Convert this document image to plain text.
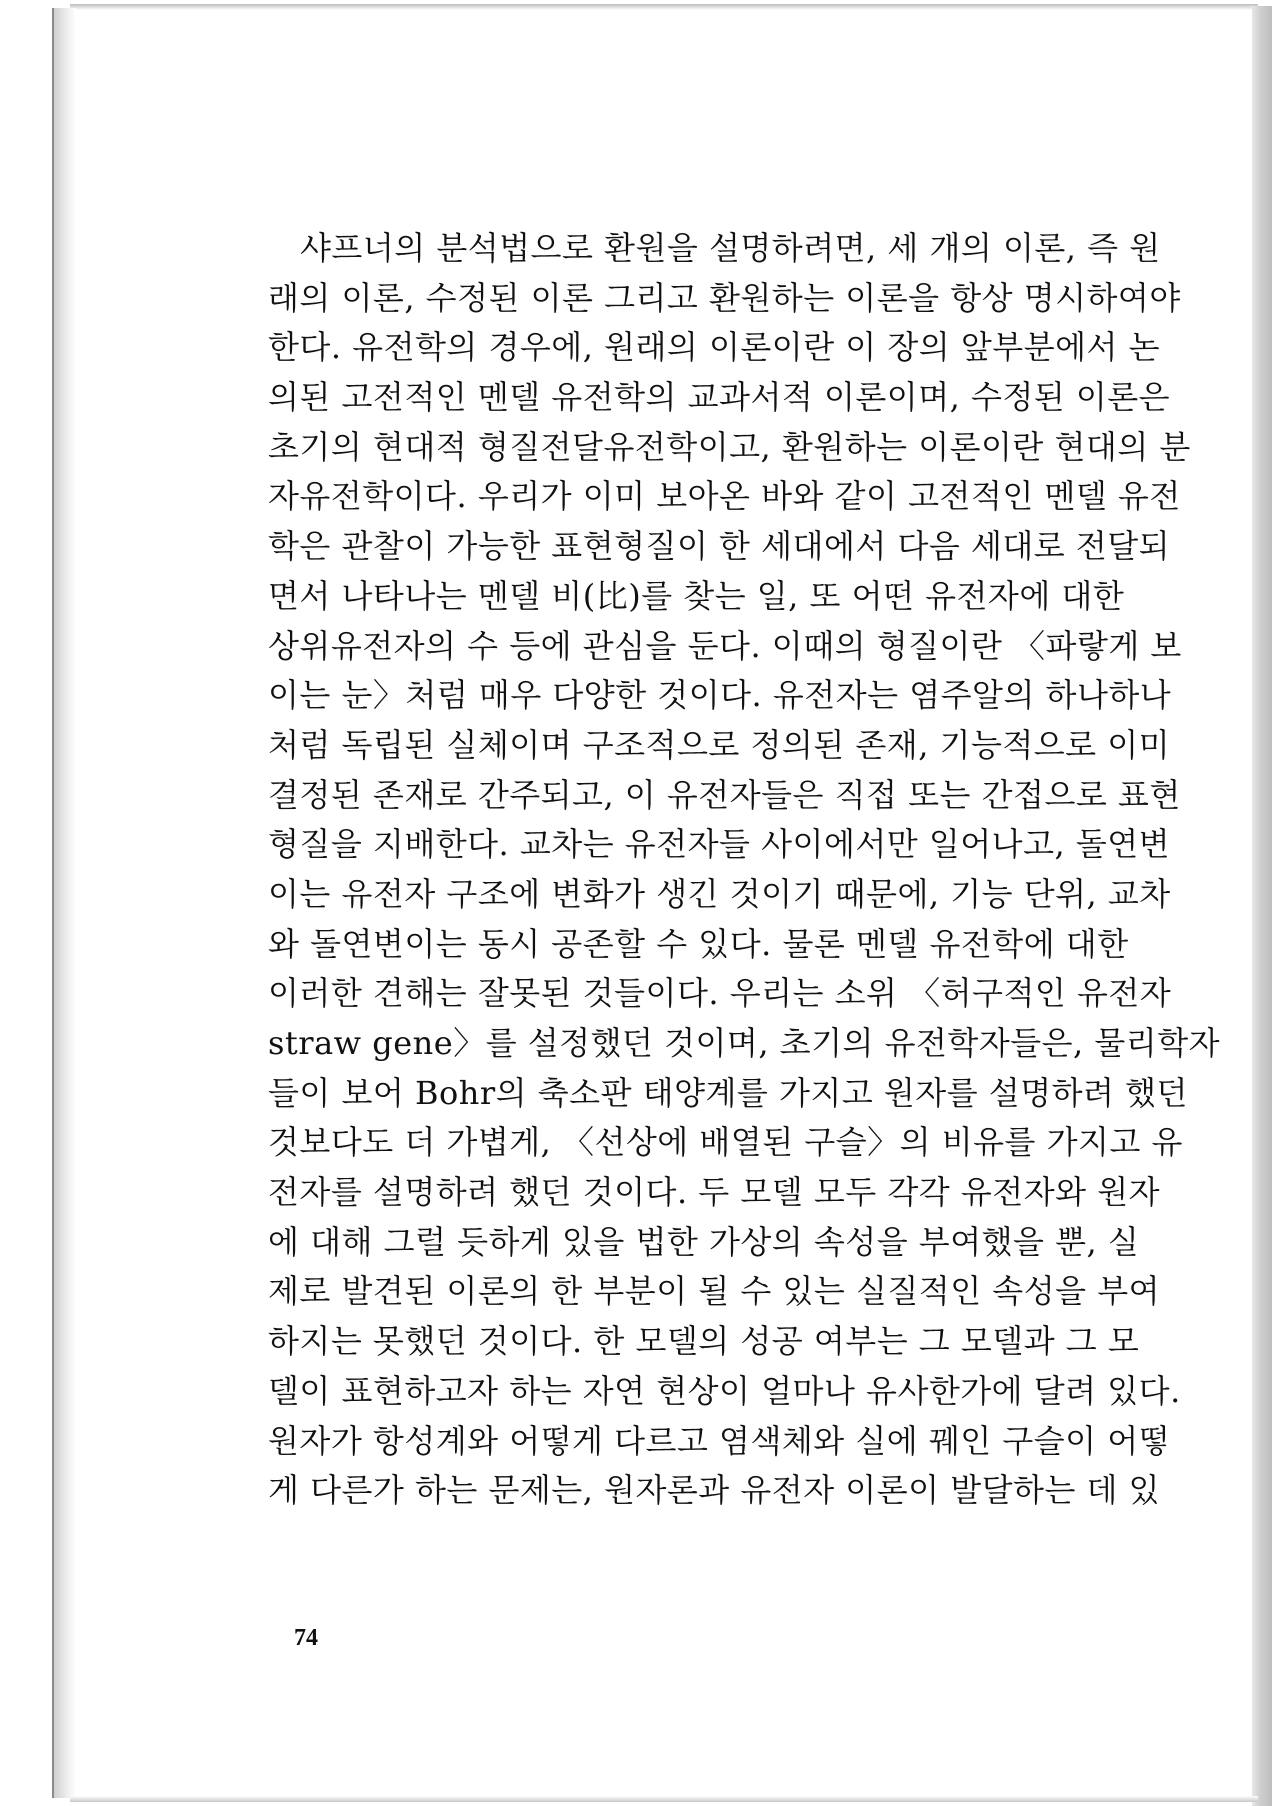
샤프너의 분석법으로 환원을 설명하려면, 세 개의 이론, 즉 원
래의 이론, 수정된 이론 그리고 환원하는 이론을 항상 명시하여야
한다. 유전학의 경우에, 원래의 이론이란 이 장의 앞부분에서 논
의된 고전적인 멘델 유전학의 교과서적 이론이며, 수정된 이론은
초기의 현대적 형질전달유전학이고, 환원하는 이론이란 현대의 분
자유전학이다. 우리가 이미 보아온 바와 같이 고전적인 멘델 유전
학은 관찰이 가능한 표현형질이 한 세대에서 다음 세대로 전달되
면서 나타나는 멘델 비(比)를 찾는 일, 또 어떤 유전자에 대한
상위유전자의 수 등에 관심을 둔다. 이때의 형질이란 〈파랗게 보
이는 눈〉처럼 매우 다양한 것이다. 유전자는 염주알의 하나하나
처럼 독립된 실체이며 구조적으로 정의된 존재, 기능적으로 이미
결정된 존재로 간주되고, 이 유전자들은 직접 또는 간접으로 표현
형질을 지배한다. 교차는 유전자들 사이에서만 일어나고, 돌연변
이는 유전자 구조에 변화가 생긴 것이기 때문에, 기능 단위, 교차
와 돌연변이는 동시 공존할 수 있다. 물론 멘델 유전학에 대한
이러한 견해는 잘못된 것들이다. 우리는 소위 〈허구적인 유전자
straw gene〉를 설정했던 것이며, 초기의 유전학자들은, 물리학자
들이 보어 Bohr의 축소판 태양계를 가지고 원자를 설명하려 했던
것보다도 더 가볍게, 〈선상에 배열된 구슬〉의 비유를 가지고 유
전자를 설명하려 했던 것이다. 두 모델 모두 각각 유전자와 원자
에 대해 그럴 듯하게 있을 법한 가상의 속성을 부여했을 뿐, 실
제로 발견된 이론의 한 부분이 될 수 있는 실질적인 속성을 부여
하지는 못했던 것이다. 한 모델의 성공 여부는 그 모델과 그 모
델이 표현하고자 하는 자연 현상이 얼마나 유사한가에 달려 있다.
원자가 항성계와 어떻게 다르고 염색체와 실에 꿰인 구슬이 어떻
게 다른가 하는 문제는, 원자론과 유전자 이론이 발달하는 데 있
74
